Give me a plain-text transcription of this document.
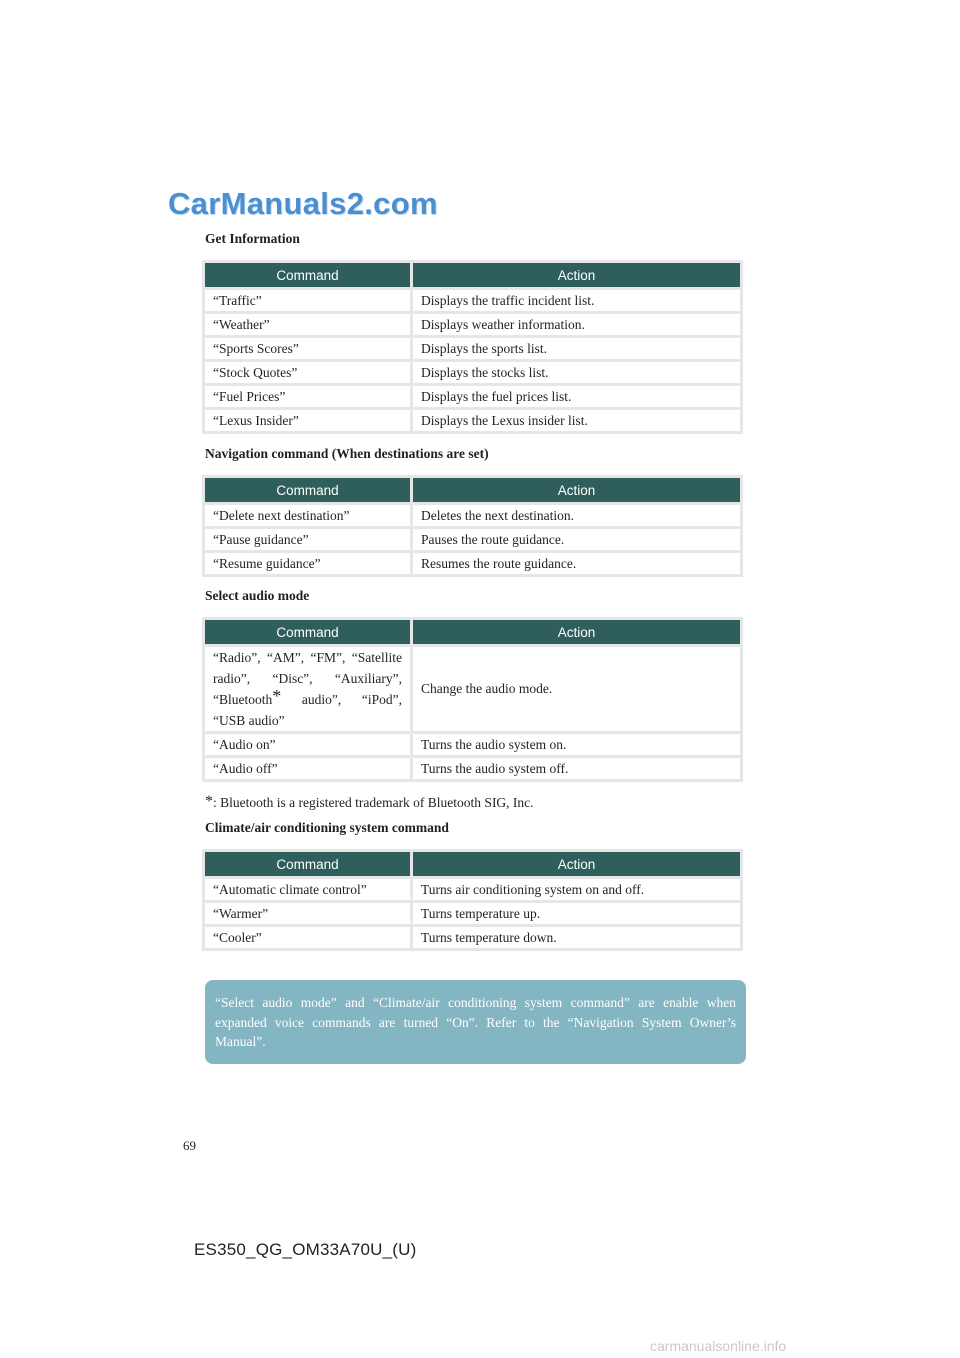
CarManuals2.com
Get Information
Command	Action
“Traffic”	Displays the traffic incident list.
“Weather”	Displays weather information.
“Sports Scores”	Displays the sports list.
“Stock Quotes”	Displays the stocks list.
“Fuel Prices”	Displays the fuel prices list.
“Lexus Insider”	Displays the Lexus insider list.
Navigation command (When destinations are set)
Command	Action
“Delete next destination”	Deletes the next destination.
“Pause guidance”	Pauses the route guidance.
“Resume guidance”	Resumes the route guidance.
Select audio mode
Command	Action
“Radio”, “AM”, “FM”, “Satellite radio”, “Disc”, “Auxiliary”, “Bluetooth* audio”, “iPod”, “USB audio”	Change the audio mode.
“Audio on”	Turns the audio system on.
“Audio off”	Turns the audio system off.
*: Bluetooth is a registered trademark of Bluetooth SIG, Inc.
Climate/air conditioning system command
Command	Action
“Automatic climate control”	Turns air conditioning system on and off.
“Warmer”	Turns temperature up.
“Cooler”	Turns temperature down.
“Select audio mode” and “Climate/air conditioning system command” are enable when expanded voice commands are turned “On”. Refer to the “Navigation System Owner’s Manual”.
69
ES350_QG_OM33A70U_(U)
carmanualsonline.info
